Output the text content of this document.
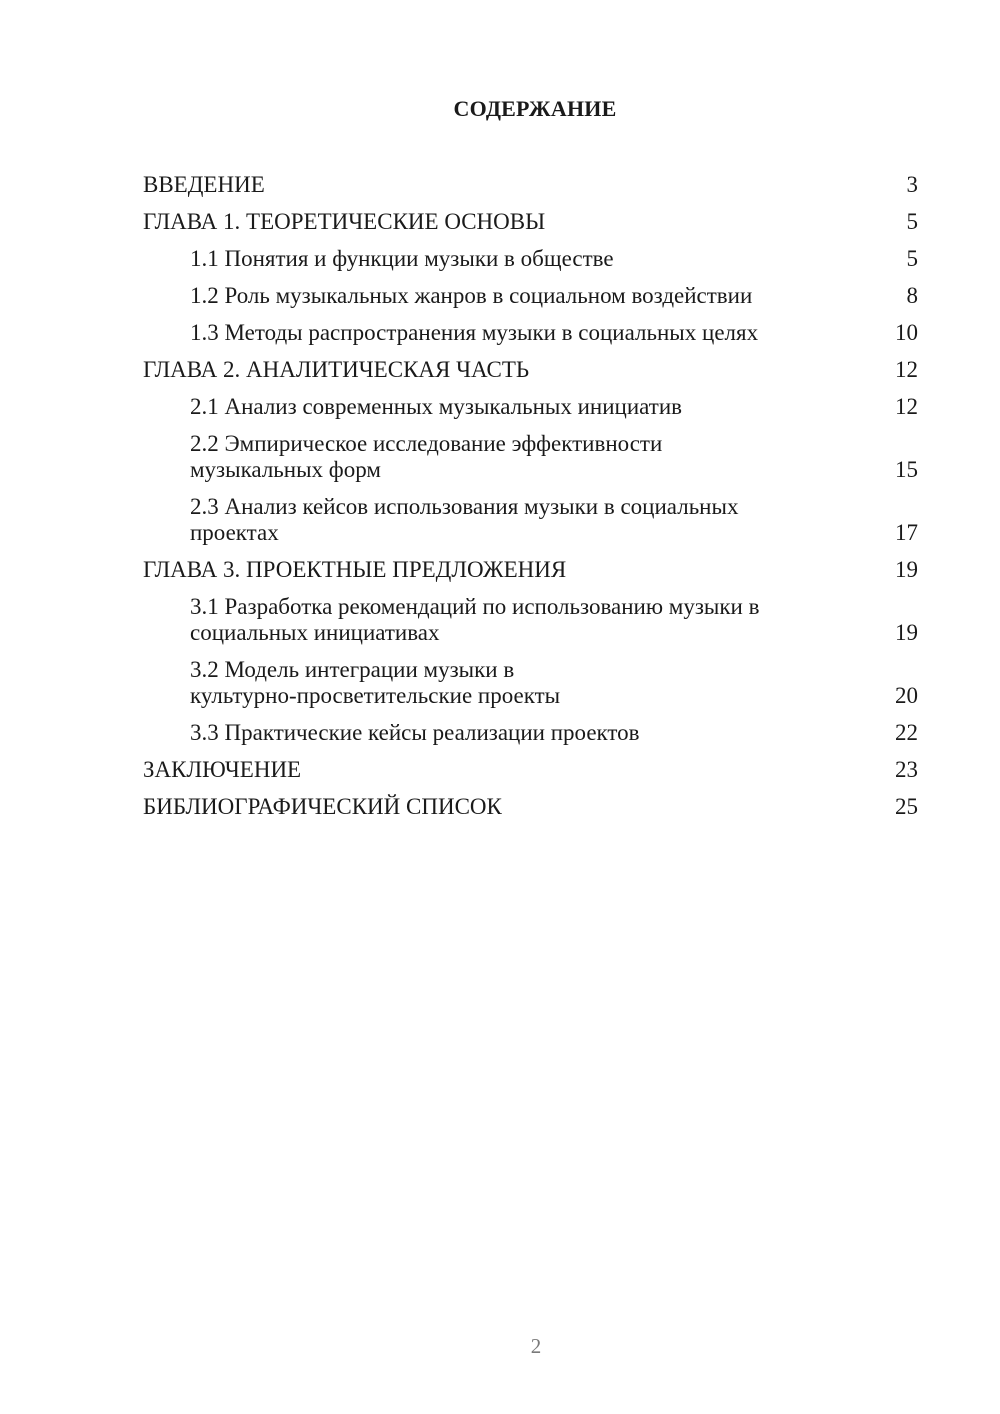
СОДЕРЖАНИЕ
ВВЕДЕНИЕ	3
ГЛАВА 1. ТЕОРЕТИЧЕСКИЕ ОСНОВЫ	5
1.1 Понятия и функции музыки в обществе	5
1.2 Роль музыкальных жанров в социальном воздействии	8
1.3 Методы распространения музыки в социальных целях	10
ГЛАВА 2. АНАЛИТИЧЕСКАЯ ЧАСТЬ	12
2.1 Анализ современных музыкальных инициатив	12
2.2 Эмпирическое исследование эффективности музыкальных форм	15
2.3 Анализ кейсов использования музыки в социальных проектах	17
ГЛАВА 3. ПРОЕКТНЫЕ ПРЕДЛОЖЕНИЯ	19
3.1 Разработка рекомендаций по использованию музыки в социальных инициативах	19
3.2 Модель интеграции музыки в культурно-просветительские проекты	20
3.3 Практические кейсы реализации проектов	22
ЗАКЛЮЧЕНИЕ	23
БИБЛИОГРАФИЧЕСКИЙ СПИСОК	25
2
